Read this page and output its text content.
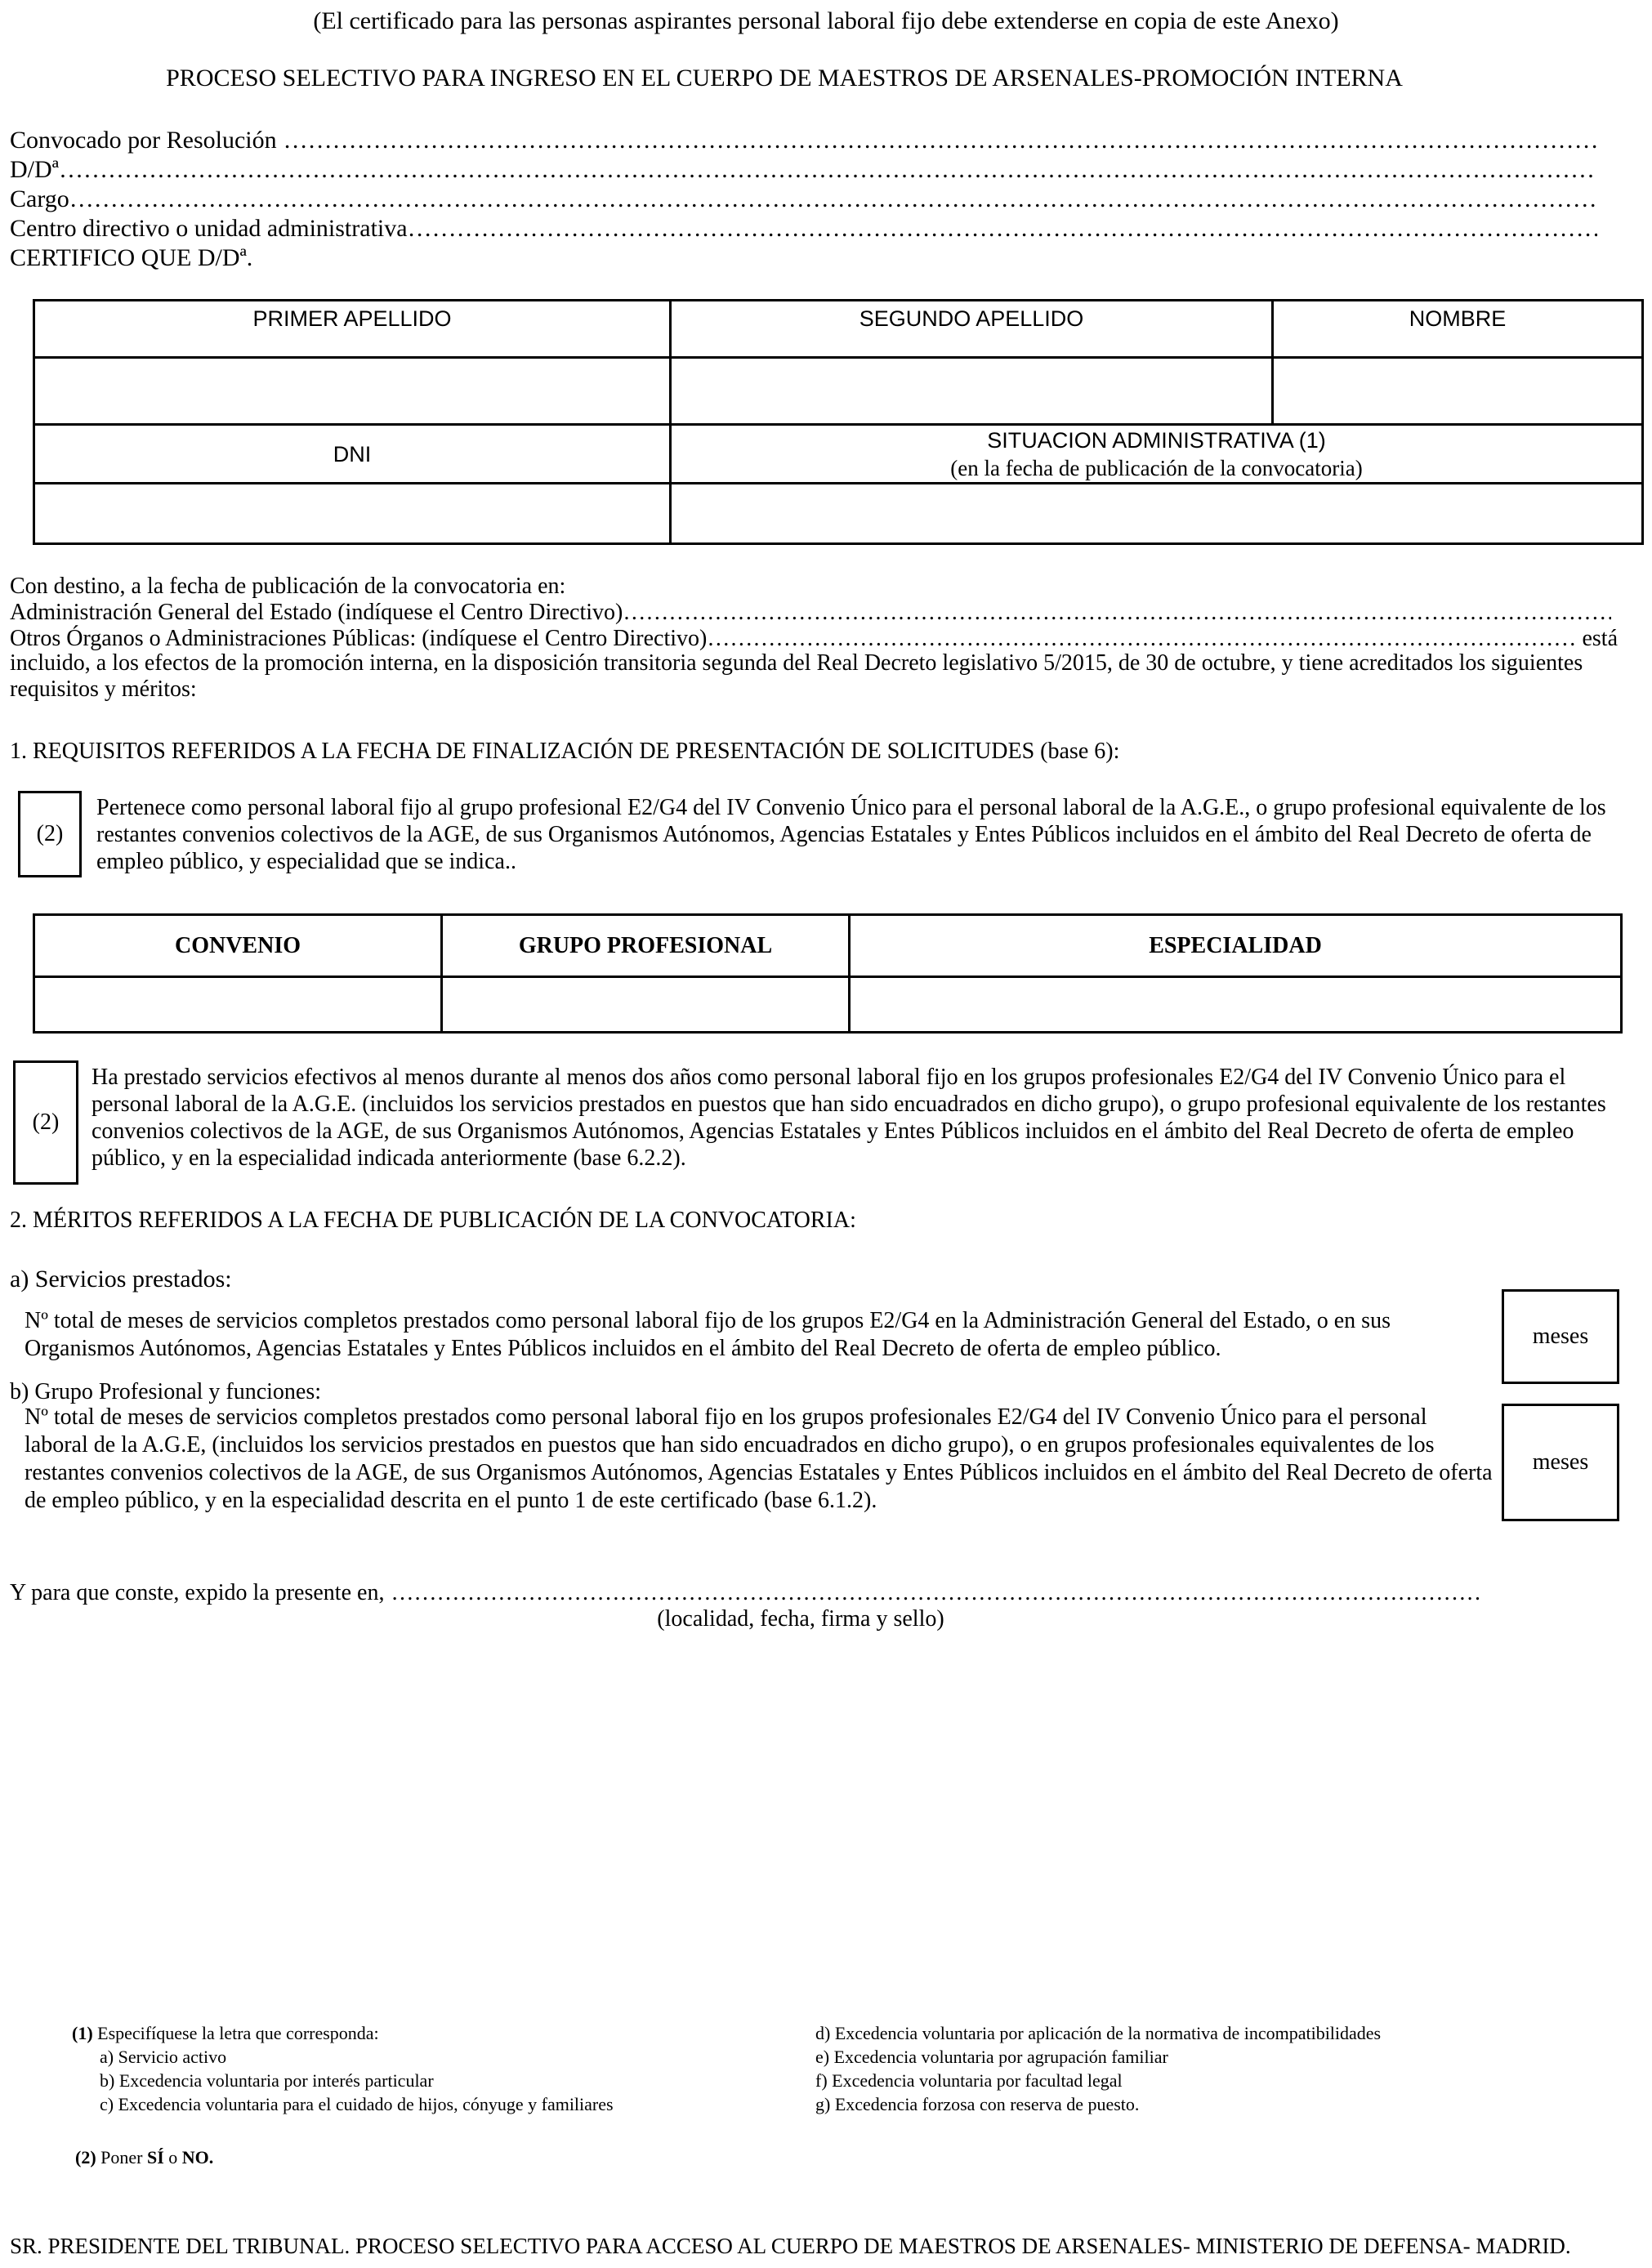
(El certificado para las personas aspirantes personal laboral fijo debe extenderse en copia de este Anexo)
PROCESO SELECTIVO PARA INGRESO EN EL CUERPO DE MAESTROS DE ARSENALES-PROMOCIÓN INTERNA
Convocado por Resolución
………………………………………………………………………………………………………………………………………………………………………………………………………………………………………………………………………………………………
D/Dª
………………………………………………………………………………………………………………………………………………………………………………………………………………………………………………………………………………………………
Cargo
………………………………………………………………………………………………………………………………………………………………………………………………………………………………………………………………………………………………
Centro directivo o unidad administrativa
………………………………………………………………………………………………………………………………………………………………………………………………………………………………………………………………………………………………
CERTIFICO QUE D/Dª.
PRIMER APELLIDO	SEGUNDO APELLIDO	NOMBRE

DNI	SITUACION ADMINISTRATIVA (1)
(en la fecha de publicación de la convocatoria)	

Con destino, a la fecha de publicación de la convocatoria en:
Administración General del Estado (indíquese el Centro Directivo)
………………………………………………………………………………………………………………………………………………………………………………………………………………………………………………………………………………………………
Otros Órganos o Administraciones Públicas: (indíquese el Centro Directivo) ………………………………………………………………………………………………………………………………………………………………………………………………………………………………………………………………………………………………	está
incluido, a los efectos de la promoción interna, en la disposición transitoria segunda del Real Decreto legislativo 5/2015, de 30 de octubre, y tiene acreditados los siguientes requisitos y méritos:
1. REQUISITOS REFERIDOS A LA FECHA DE FINALIZACIÓN DE PRESENTACIÓN DE SOLICITUDES (base 6):
(2)
Pertenece como personal laboral fijo al grupo profesional E2/G4 del IV Convenio Único para el personal laboral de la A.G.E., o grupo profesional equivalente de los restantes convenios colectivos de la AGE, de sus Organismos Autónomos, Agencias Estatales y Entes Públicos incluidos en el ámbito del Real Decreto de oferta de empleo público, y especialidad que se indica..
CONVENIO	GRUPO PROFESIONAL	ESPECIALIDAD

(2)
Ha prestado servicios efectivos al menos durante al menos dos años como personal laboral fijo en los grupos profesionales E2/G4 del IV Convenio Único para el personal laboral de la A.G.E. (incluidos los servicios prestados en puestos que han sido encuadrados en dicho grupo), o grupo profesional equivalente de los restantes convenios colectivos de la AGE, de sus Organismos Autónomos, Agencias Estatales y Entes Públicos incluidos en el ámbito del Real Decreto de oferta de empleo público, y en la especialidad indicada anteriormente (base 6.2.2).
2. MÉRITOS REFERIDOS A LA FECHA DE PUBLICACIÓN DE LA CONVOCATORIA:
a) Servicios prestados:
Nº total de meses de servicios completos prestados como personal laboral fijo de los grupos E2/G4 en la Administración General del Estado, o en sus Organismos Autónomos, Agencias Estatales y Entes Públicos incluidos en el ámbito del Real Decreto de oferta de empleo público.	meses
b) Grupo Profesional y funciones:
Nº total de meses de servicios completos prestados como personal laboral fijo en los grupos profesionales E2/G4 del IV Convenio Único para el personal laboral de la A.G.E, (incluidos los servicios prestados en puestos que han sido encuadrados en dicho grupo), o en grupos profesionales equivalentes de los restantes convenios colectivos de la AGE, de sus Organismos Autónomos, Agencias Estatales y Entes Públicos incluidos en el ámbito del Real Decreto de oferta de empleo público, y en la especialidad descrita en el punto 1 de este certificado (base 6.1.2).
meses
Y para que conste, expido la presente en,
………………………………………………………………………………………………………………………………………………………………………………………………………………………………………………………………………………………………
(localidad, fecha, firma y sello)
(1) Especifíquese la letra que corresponda:
a) Servicio activo
b) Excedencia voluntaria por interés particular
c) Excedencia voluntaria para el cuidado de hijos, cónyuge y familiares
d) Excedencia voluntaria por aplicación de la normativa de incompatibilidades
e) Excedencia voluntaria por agrupación familiar
f) Excedencia voluntaria por facultad legal
g) Excedencia forzosa con reserva de puesto.
(2) Poner SÍ o NO.
SR. PRESIDENTE DEL TRIBUNAL. PROCESO SELECTIVO PARA ACCESO AL CUERPO DE MAESTROS DE ARSENALES- MINISTERIO DE DEFENSA- MADRID.
